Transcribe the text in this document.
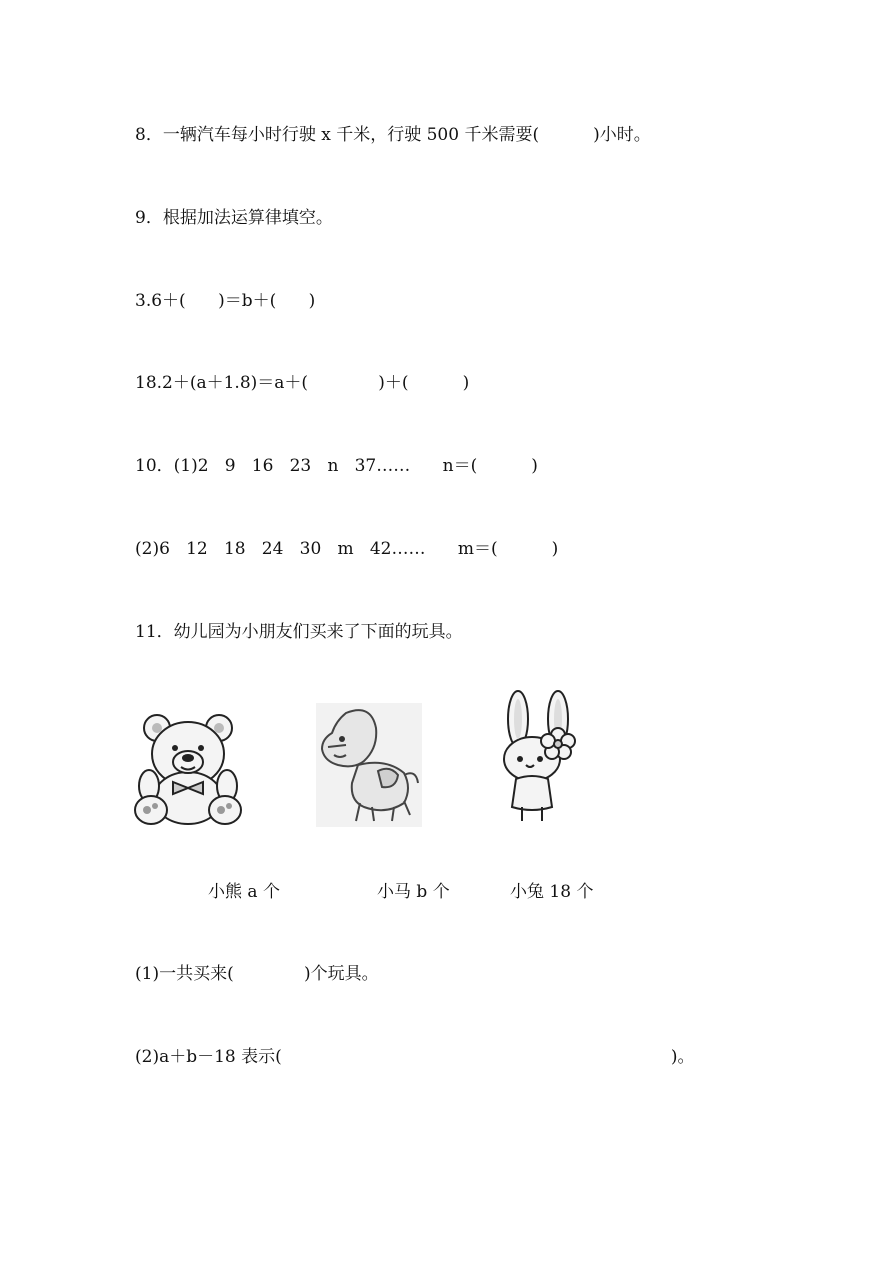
8．一辆汽车每小时行驶 x 千米，行驶 500 千米需要(          )小时。

9．根据加法运算律填空。

3.6＋(      )＝b＋(      )

18.2＋(a＋1.8)＝a＋(             )＋(          )

10．(1)2   9   16   23   n   37……      n＝(          )

(2)6   12   18   24   30   m   42……      m＝(          )

11．幼儿园为小朋友们买来了下面的玩具。

小熊 a 个	小马 b 个	小兔 18 个

(1)一共买来(             )个玩具。

(2)a＋b－18 表示(                                                                        )。
